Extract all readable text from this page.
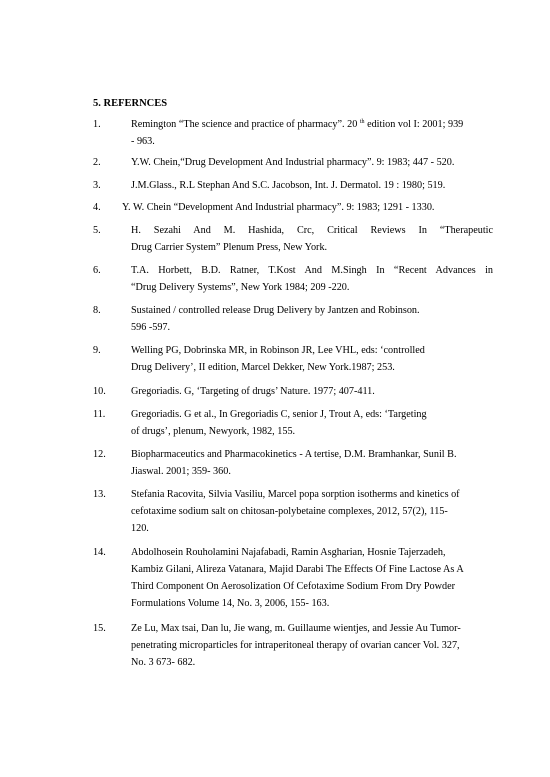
5. REFERNCES
1.	Remington “The science and practice of pharmacy”. 20 $^{th}$ edition vol I: 2001; 939
- 963.
2.	Y.W. Chein,“Drug Development And Industrial pharmacy”. 9: 1983; 447 - 520.
3.	J.M.Glass., R.L Stephan And S.C. Jacobson, Int. J. Dermatol. 19 : 1980; 519.
4. Y. W. Chein “Development And Industrial pharmacy”. 9: 1983; 1291 - 1330.
5.	H. Sezahi And M. Hashida, Crc, Critical Reviews In “Therapeutic
Drug Carrier System” Plenum Press, New York.
6.	T.A. Horbett, B.D. Ratner, T.Kost And M.Singh In “Recent Advances in
“Drug Delivery Systems”, New York 1984; 209 -220.
8.	Sustained / controlled release Drug Delivery by Jantzen and Robinson.
596 -597.
9.	Welling PG, Dobrinska MR, in Robinson JR, Lee VHL, eds: ‘controlled
Drug Delivery’, II edition, Marcel Dekker, New York.1987; 253.
10. Gregoriadis. G, ‘Targeting of drugs’ Nature. 1977; 407-411.
11.	Gregoriadis. G et al., In Gregoriadis C, senior J, Trout A, eds: ‘Targeting
of drugs’, plenum, Newyork, 1982, 155.
12. Biopharmaceutics and Pharmacokinetics - A tertise, D.M. Bramhankar, Sunil B.
Jiaswal. 2001; 359- 360.
13. Stefania Racovita, Silvia Vasiliu, Marcel popa sorption isotherms and kinetics of
cefotaxime sodium salt on chitosan-polybetaine complexes, 2012, 57(2), 115-
120.
14. Abdolhosein Rouholamini Najafabadi, Ramin Asgharian, Hosnie Tajerzadeh,
Kambiz Gilani, Alireza Vatanara, Majid Darabi The Effects Of Fine Lactose As A
Third Component On Aerosolization Of Cefotaxime Sodium From Dry Powder
Formulations Volume 14, No. 3, 2006, 155- 163.
15. Ze Lu, Max tsai, Dan lu, Jie wang, m. Guillaume wientjes, and Jessie Au Tumor-
penetrating microparticles for intraperitoneal therapy of ovarian cancer Vol. 327,
No. 3 673- 682.
